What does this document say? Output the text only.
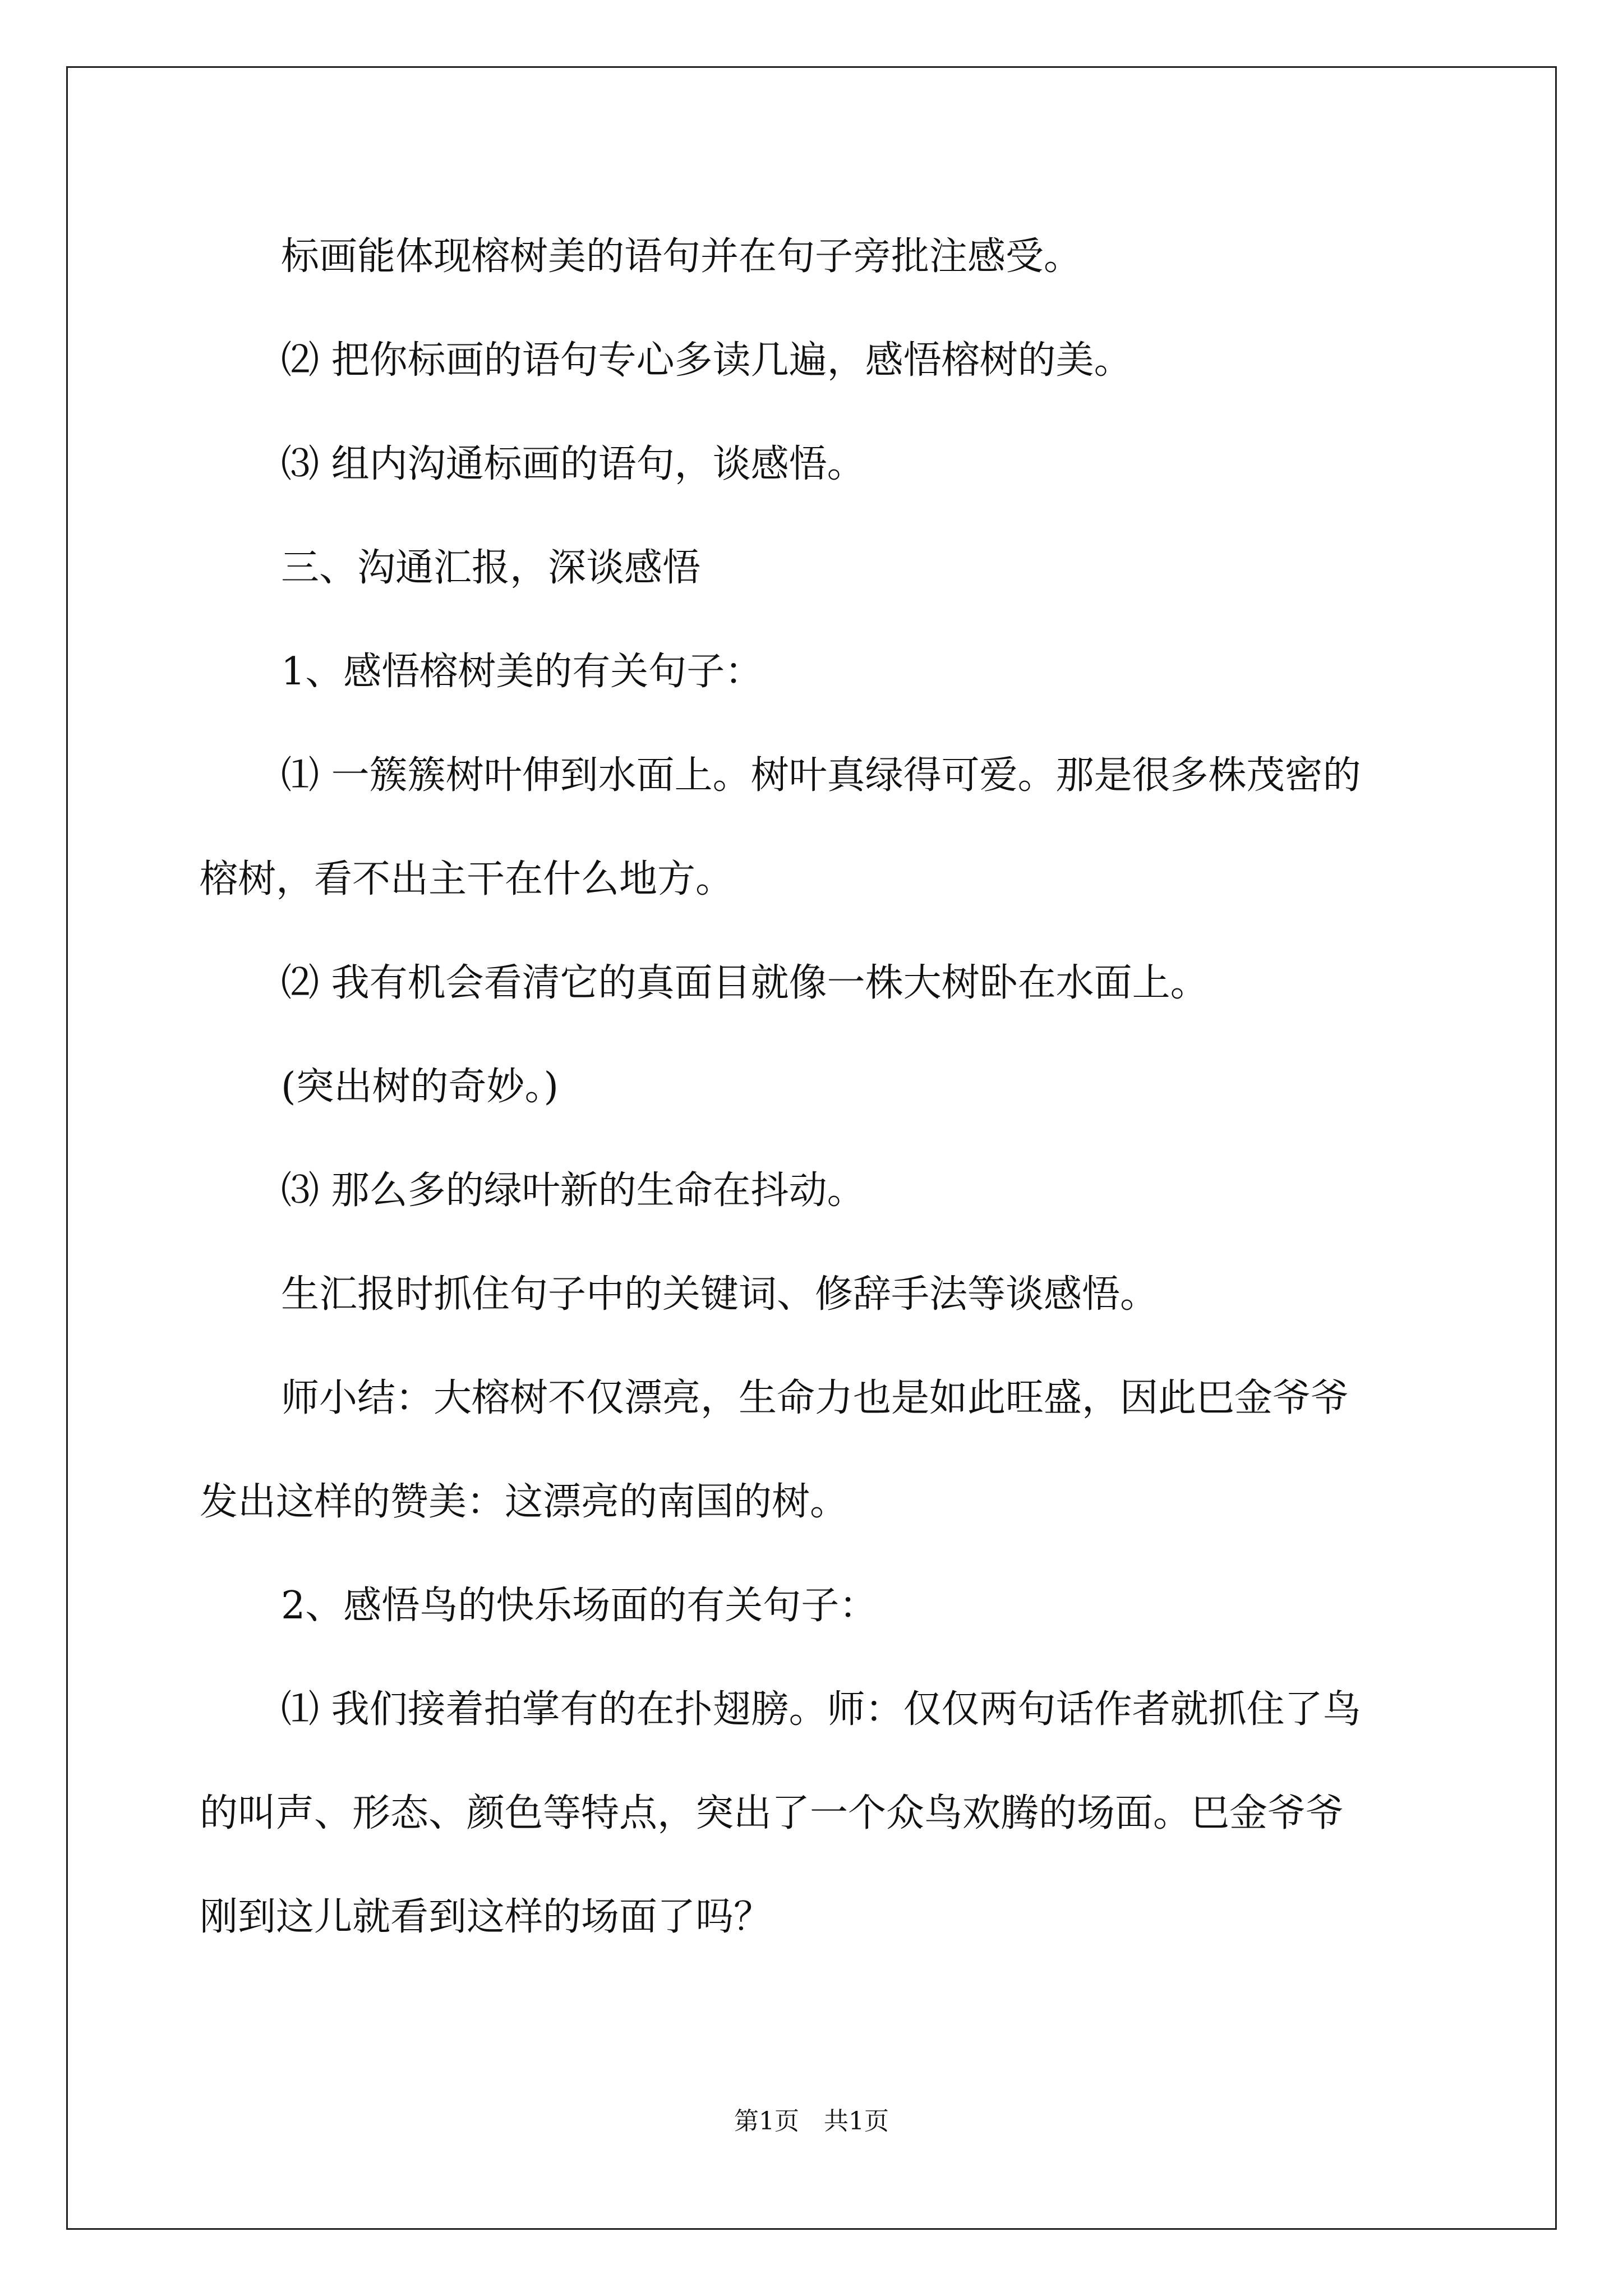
标画能体现榕树美的语句并在句子旁批注感受。

⑵ 把你标画的语句专心多读几遍，感悟榕树的美。

⑶ 组内沟通标画的语句，谈感悟。

三、沟通汇报，深谈感悟

1、感悟榕树美的有关句子：

⑴ 一簇簇树叶伸到水面上。树叶真绿得可爱。那是很多株茂密的
榕树，看不出主干在什么地方。

⑵ 我有机会看清它的真面目就像一株大树卧在水面上。

(突出树的奇妙。)

⑶ 那么多的绿叶新的生命在抖动。

生汇报时抓住句子中的关键词、修辞手法等谈感悟。

师小结：大榕树不仅漂亮，生命力也是如此旺盛，因此巴金爷爷
发出这样的赞美：这漂亮的南国的树。

2、感悟鸟的快乐场面的有关句子：

⑴ 我们接着拍掌有的在扑翅膀。师：仅仅两句话作者就抓住了鸟
的叫声、形态、颜色等特点，突出了一个众鸟欢腾的场面。巴金爷爷
刚到这儿就看到这样的场面了吗？

第1页　共1页
